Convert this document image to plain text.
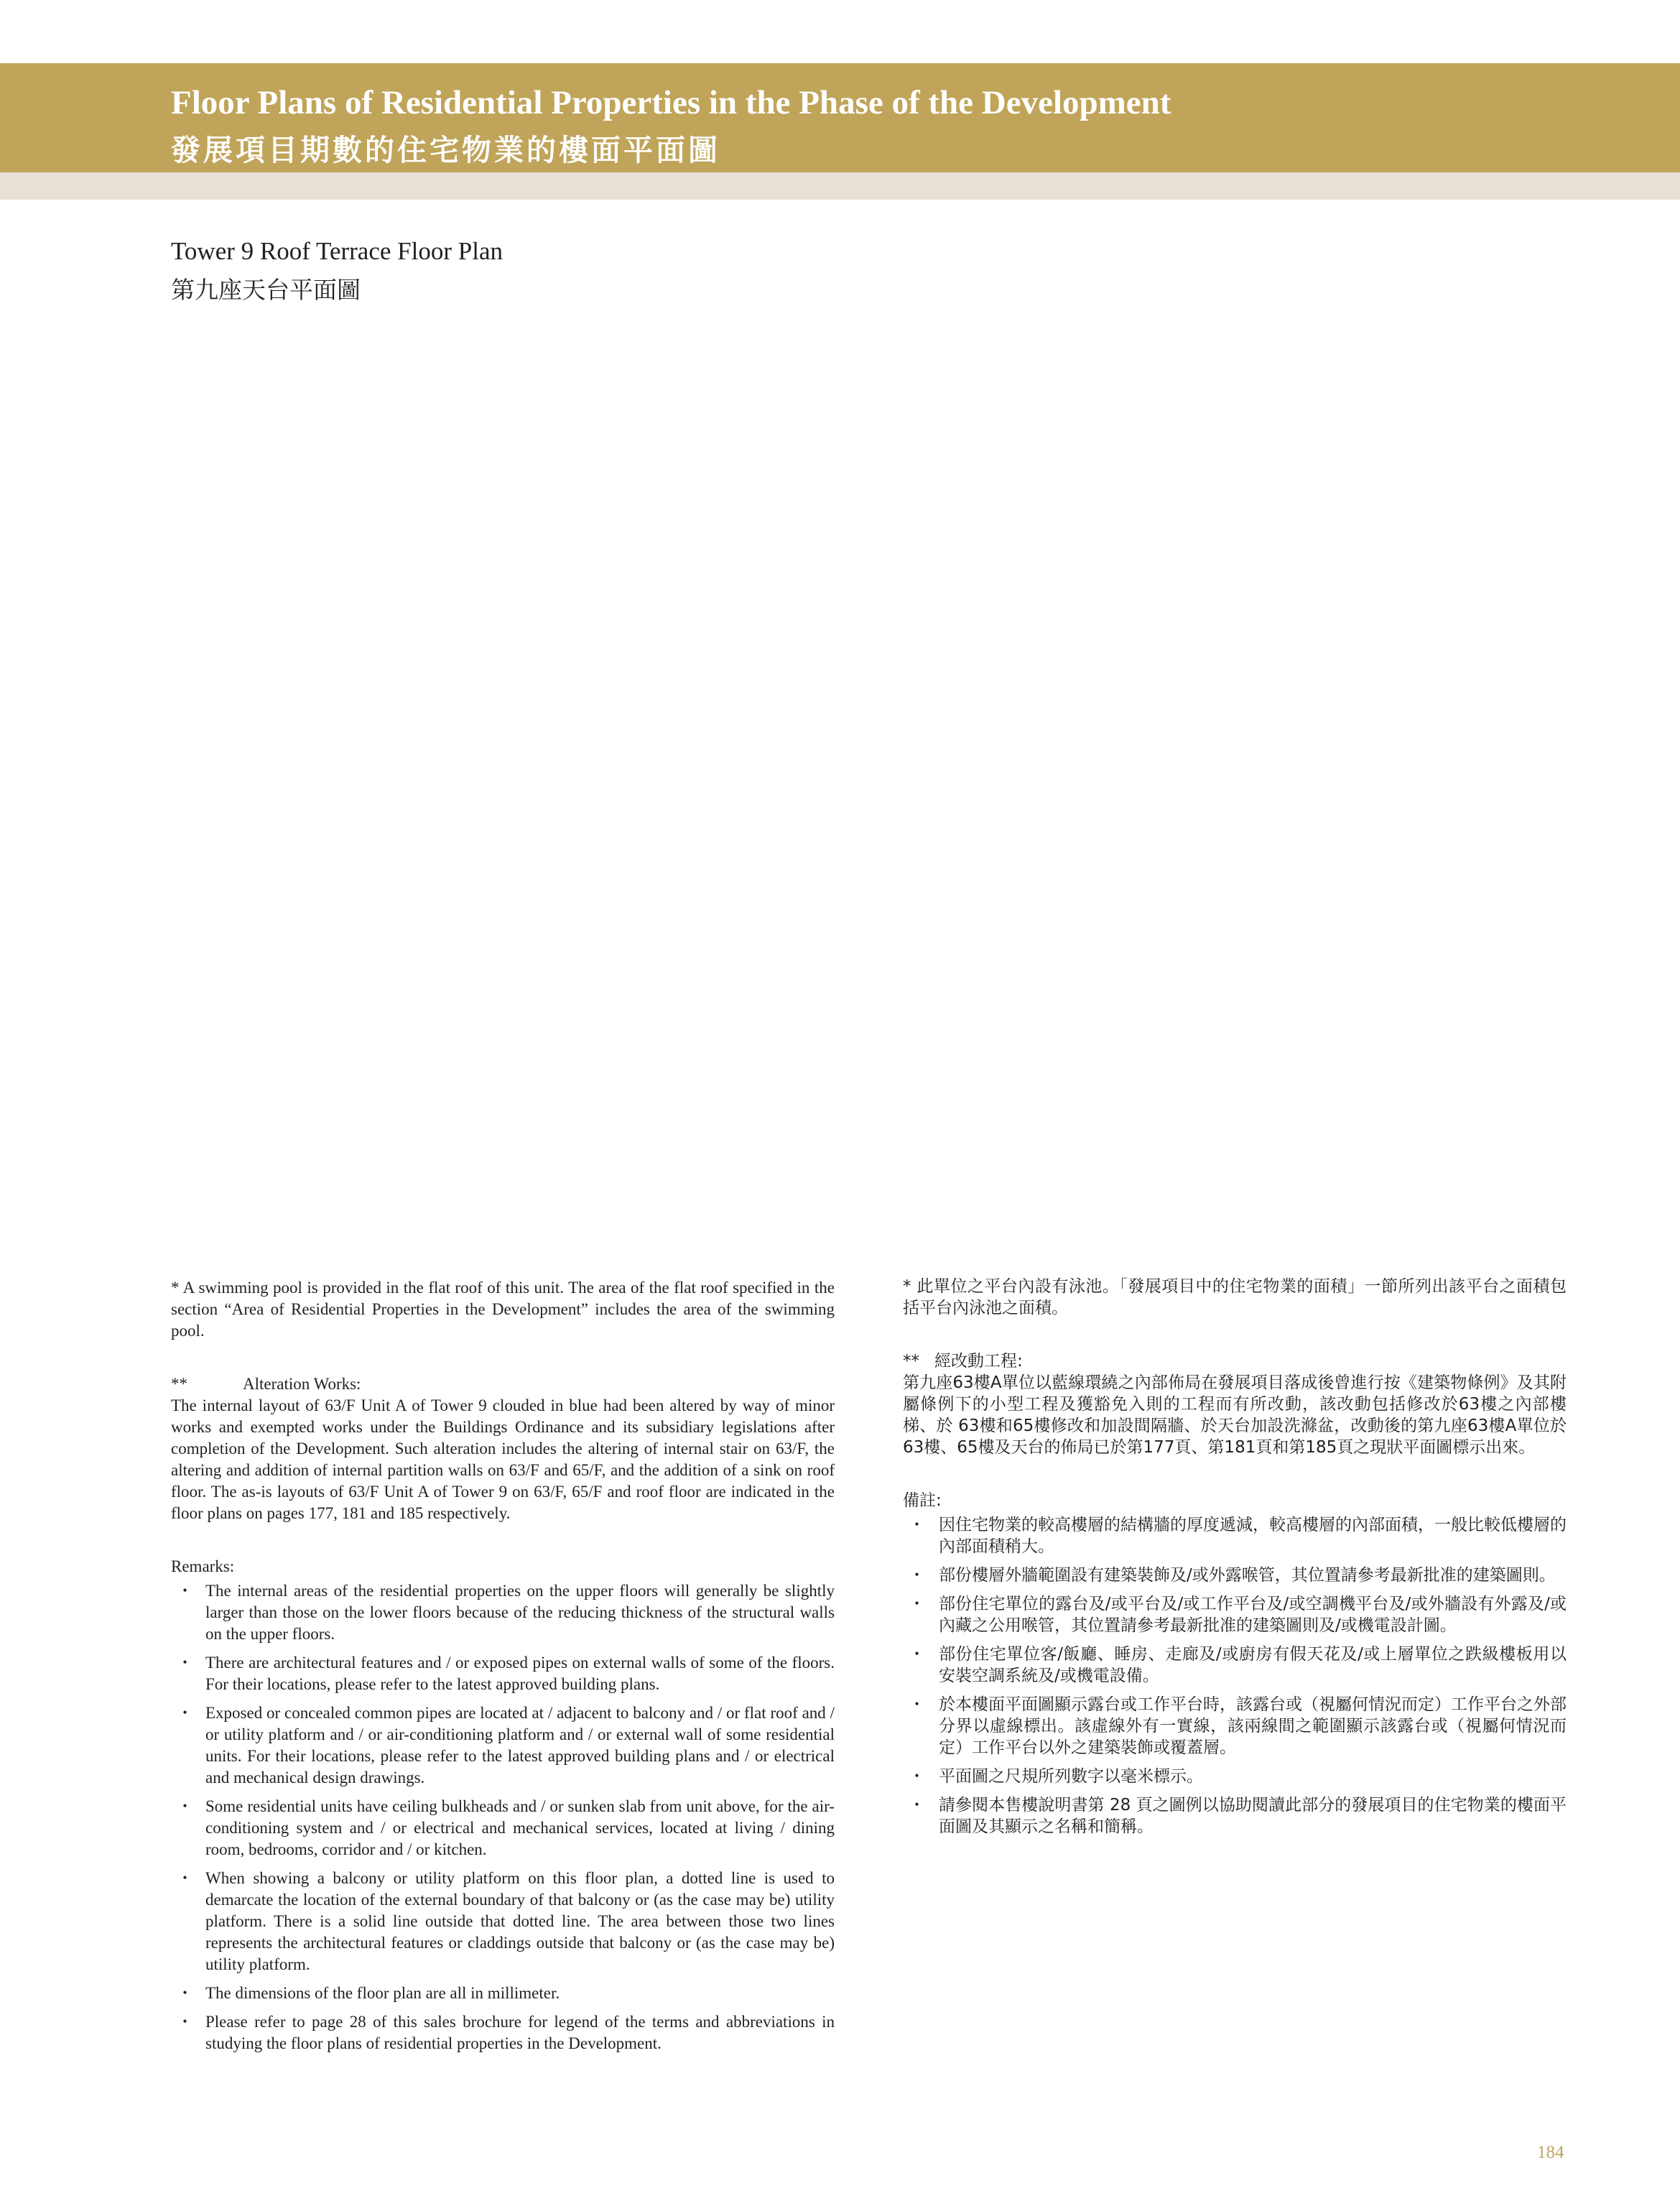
Floor Plans of Residential Properties in the Phase of the Development
發展項目期數的住宅物業的樓面平面圖
Tower 9 Roof Terrace Floor Plan
第九座天台平面圖

* A swimming pool is provided in the flat roof of this unit. The area of the flat roof specified in the section “Area of Residential Properties in the Development” includes the area of the swimming pool.

**	Alteration Works:

The internal layout of 63/F Unit A of Tower 9 clouded in blue had been altered by way of minor works and exempted works under the Buildings Ordinance and its subsidiary legislations after completion of the Development. Such alteration includes the altering of internal stair on 63/F, the altering and addition of internal partition walls on 63/F and 65/F, and the addition of a sink on roof floor. The as-is layouts of 63/F Unit A of Tower 9 on 63/F, 65/F and roof floor are indicated in the floor plans on pages 177, 181 and 185 respectively.

Remarks:

・ The internal areas of the residential properties on the upper floors will generally be slightly larger than those on the lower floors because of the reducing thickness of the structural walls on the upper floors.
・ There are architectural features and / or exposed pipes on external walls of some of the floors. For their locations, please refer to the latest approved building plans.
・ Exposed or concealed common pipes are located at / adjacent to balcony and / or flat roof and / or utility platform and / or air-conditioning platform and / or external wall of some residential units. For their locations, please refer to the latest approved building plans and / or electrical and mechanical design drawings.
・ Some residential units have ceiling bulkheads and / or sunken slab from unit above, for the air-conditioning system and / or electrical and mechanical services, located at living / dining room, bedrooms, corridor and / or kitchen.
・ When showing a balcony or utility platform on this floor plan, a dotted line is used to demarcate the location of the external boundary of that balcony or (as the case may be) utility platform. There is a solid line outside that dotted line. The area between those two lines represents the architectural features or claddings outside that balcony or (as the case may be) utility platform.
・ The dimensions of the floor plan are all in millimeter.
・ Please refer to page 28 of this sales brochure for legend of the terms and abbreviations in studying the floor plans of residential properties in the Development.

* 此單位之平台內設有泳池。「發展項目中的住宅物業的面積」一節所列出該平台之面積包括平台內泳池之面積。

** 經改動工程:

第九座63樓A單位以藍線環繞之內部佈局在發展項目落成後曾進行按《建築物條例》及其附屬條例下的小型工程及獲豁免入則的工程而有所改動，該改動包括修改於63樓之內部樓梯、於 63樓和65樓修改和加設間隔牆、於天台加設洗滌盆，改動後的第九座63樓A單位於63樓、65樓及天台的佈局已於第177頁、第181頁和第185頁之現狀平面圖標示出來。

備註:

・ 因住宅物業的較高樓層的結構牆的厚度遞減，較高樓層的內部面積，一般比較低樓層的內部面積稍大。
・ 部份樓層外牆範圍設有建築裝飾及/或外露喉管，其位置請參考最新批准的建築圖則。
・ 部份住宅單位的露台及/或平台及/或工作平台及/或空調機平台及/或外牆設有外露及/或內藏之公用喉管，其位置請參考最新批准的建築圖則及/或機電設計圖。
・ 部份住宅單位客/飯廳、睡房、走廊及/或廚房有假天花及/或上層單位之跌級樓板用以安裝空調系統及/或機電設備。
・ 於本樓面平面圖顯示露台或工作平台時，該露台或（視屬何情況而定）工作平台之外部分界以虛線標出。該虛線外有一實線，該兩線間之範圍顯示該露台或（視屬何情況而定）工作平台以外之建築裝飾或覆蓋層。
・ 平面圖之尺規所列數字以毫米標示。
・ 請參閱本售樓說明書第 28 頁之圖例以協助閱讀此部分的發展項目的住宅物業的樓面平面圖及其顯示之名稱和簡稱。
184
